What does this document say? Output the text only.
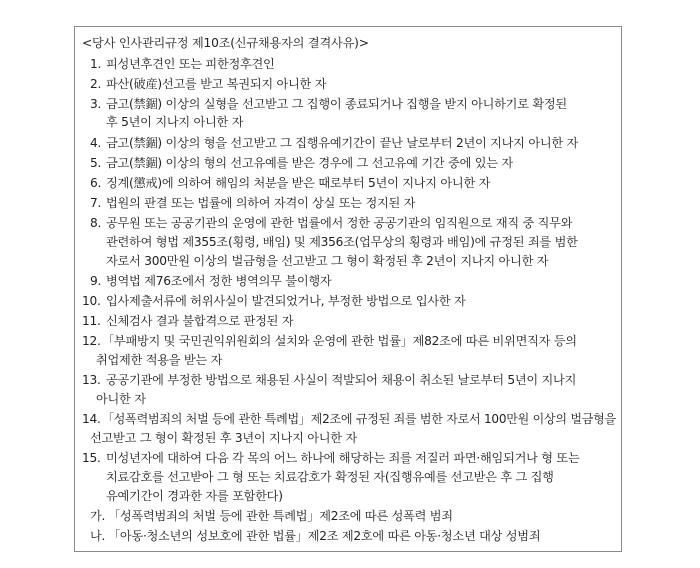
<당사 인사관리규정 제10조(신규채용자의 결격사유)>
1. 피성년후견인 또는 피한정후견인
2. 파산(破産)선고를 받고 복권되지 아니한 자
3. 금고(禁錮) 이상의 실형을 선고받고 그 집행이 종료되거나 집행을 받지 아니하기로 확정된
후 5년이 지나지 아니한 자
4. 금고(禁錮) 이상의 형을 선고받고 그 집행유예기간이 끝난 날로부터 2년이 지나지 아니한 자
5. 금고(禁錮) 이상의 형의 선고유예를 받은 경우에 그 선고유예 기간 중에 있는 자
6. 징계(懲戒)에 의하여 해임의 처분을 받은 때로부터 5년이 지나지 아니한 자
7. 법원의 판결 또는 법률에 의하여 자격이 상실 또는 정지된 자
8. 공무원 또는 공공기관의 운영에 관한 법률에서 정한 공공기관의 임직원으로 재직 중 직무와
관련하여 형법 제355조(횡령, 배임) 및 제356조(업무상의 횡령과 배임)에 규정된 죄를 범한
자로서 300만원 이상의 벌금형을 선고받고 그 형이 확정된 후 2년이 지나지 아니한 자
9. 병역법 제76조에서 정한 병역의무 불이행자
10. 입사제출서류에 허위사실이 발견되었거나, 부정한 방법으로 입사한 자
11. 신체검사 결과 불합격으로 판정된 자
12. 「부패방지 및 국민권익위원회의 설치와 운영에 관한 법률」제82조에 따른 비위면직자 등의
취업제한 적용을 받는 자
13. 공공기관에 부정한 방법으로 채용된 사실이 적발되어 채용이 취소된 날로부터 5년이 지나지
아니한 자
14. 「성폭력범죄의 처벌 등에 관한 특례법」제2조에 규정된 죄를 범한 자로서 100만원 이상의 벌금형을
선고받고 그 형이 확정된 후 3년이 지나지 아니한 자
15. 미성년자에 대하여 다음 각 목의 어느 하나에 해당하는 죄를 저질러 파면·해임되거나 형 또는
치료감호를 선고받아 그 형 또는 치료감호가 확정된 자(집행유예를 선고받은 후 그 집행
유예기간이 경과한 자를 포함한다)
가. 「성폭력범죄의 처벌 등에 관한 특례법」제2조에 따른 성폭력 범죄
나. 「아동·청소년의 성보호에 관한 법률」제2조 제2호에 따른 아동·청소년 대상 성범죄
